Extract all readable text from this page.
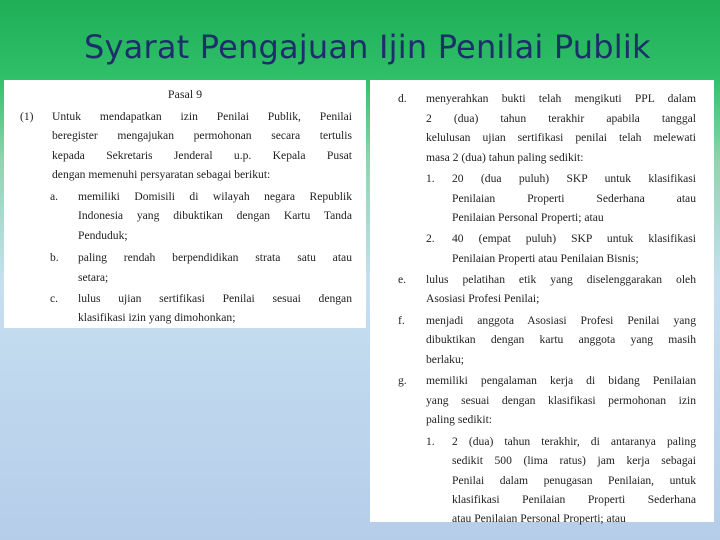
Syarat Pengajuan Ijin Penilai Publik
Pasal 9
(1) Untuk mendapatkan izin Penilai Publik, Penilai
beregister mengajukan permohonan secara tertulis
kepada Sekretaris Jenderal u.p. Kepala Pusat
dengan memenuhi persyaratan sebagai berikut:
a. memiliki Domisili di wilayah negara Republik
Indonesia yang dibuktikan dengan Kartu Tanda
Penduduk;
b. paling rendah berpendidikan strata satu atau
setara;
c. lulus ujian sertifikasi Penilai sesuai dengan
klasifikasi izin yang dimohonkan;
d. menyerahkan bukti telah mengikuti PPL dalam
2 (dua) tahun terakhir apabila tanggal
kelulusan ujian sertifikasi penilai telah melewati
masa 2 (dua) tahun paling sedikit:
1. 20 (dua puluh) SKP untuk klasifikasi
Penilaian Properti Sederhana atau
Penilaian Personal Properti; atau
2. 40 (empat puluh) SKP untuk klasifikasi
Penilaian Properti atau Penilaian Bisnis;
e. lulus pelatihan etik yang diselenggarakan oleh
Asosiasi Profesi Penilai;
f. menjadi anggota Asosiasi Profesi Penilai yang
dibuktikan dengan kartu anggota yang masih
berlaku;
g. memiliki pengalaman kerja di bidang Penilaian
yang sesuai dengan klasifikasi permohonan izin
paling sedikit:
1. 2 (dua) tahun terakhir, di antaranya paling
sedikit 500 (lima ratus) jam kerja sebagai
Penilai dalam penugasan Penilaian, untuk
klasifikasi Penilaian Properti Sederhana
atau Penilaian Personal Properti; atau
